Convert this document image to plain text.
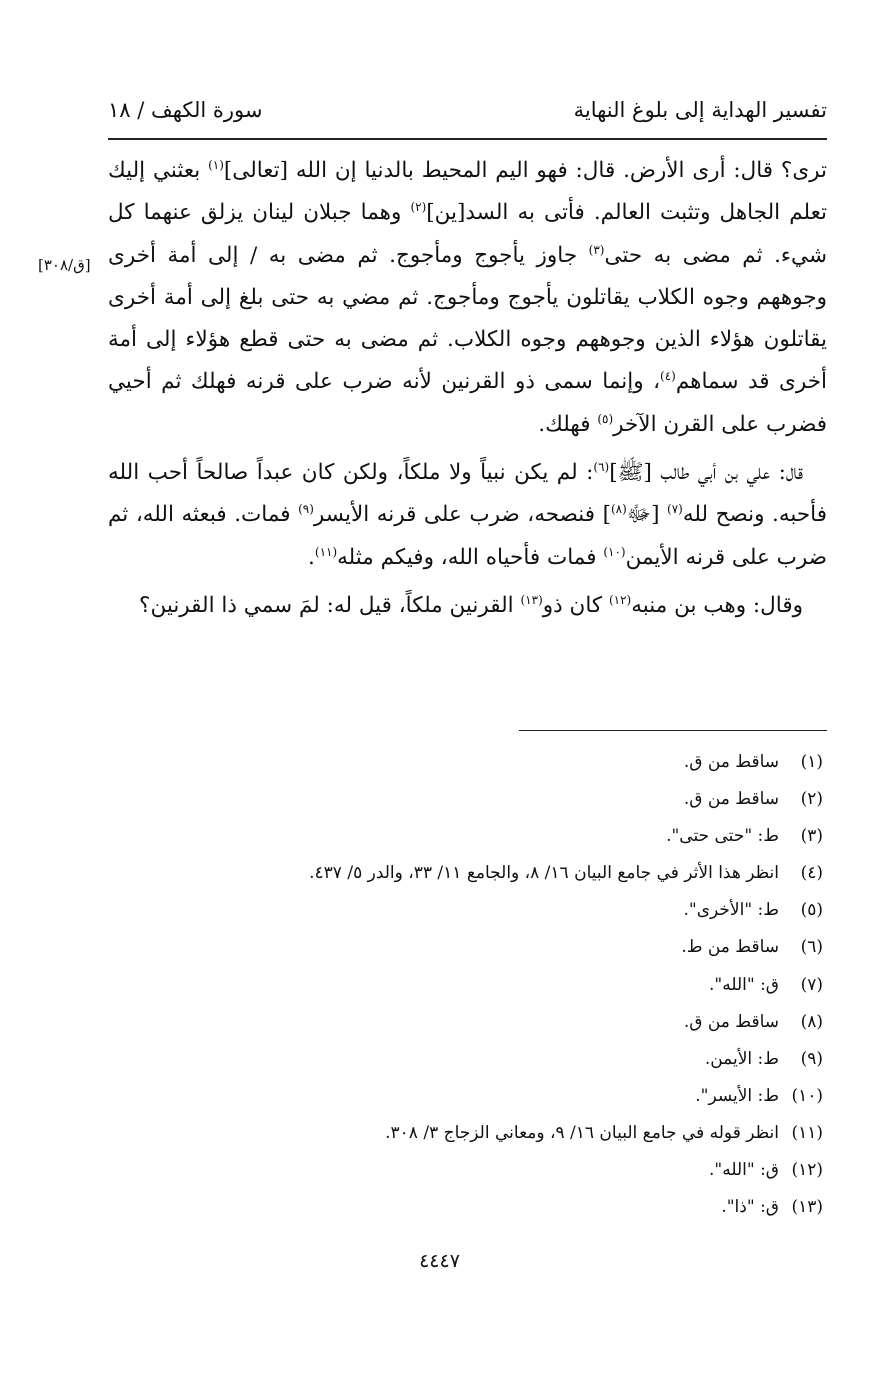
تفسير الهداية إلى بلوغ النهاية
سورة الكهف / ١٨
[ق/٣٠٨]

ترى؟ قال: أرى الأرض. قال: فهو اليم المحيط بالدنيا إن الله [تعالى]$^{(١)}$ بعثني إليك تعلم الجاهل وتثبت العالم. فأتى به السد[ين]$^{(٢)}$ وهما جبلان لينان يزلق عنهما كل شيء. ثم مضى به حتى$^{(٣)}$ جاوز يأجوج ومأجوج. ثم مضى به / إلى أمة أخرى وجوههم وجوه الكلاب يقاتلون يأجوج ومأجوج. ثم مضي به حتى بلغ إلى أمة أخرى يقاتلون هؤلاء الذين وجوههم وجوه الكلاب. ثم مضى به حتى قطع هؤلاء إلى أمة أخرى قد سماهم$^{(٤)}$، وإنما سمى ذو القرنين لأنه ضرب على قرنه فهلك ثم أحيي فضرب على القرن الآخر$^{(٥)}$ فهلك.

قال: علي بن أبي طالب [ﷺ]$^{(٦)}$: لم يكن نبياً ولا ملكاً، ولكن كان عبداً صالحاً أحب الله فأحبه. ونصح لله$^{(٧)}$ [ﷻ$^{(٨)}$] فنصحه، ضرب على قرنه الأيسر$^{(٩)}$ فمات. فبعثه الله، ثم ضرب على قرنه الأيمن$^{(١٠)}$ فمات فأحياه الله، وفيكم مثله$^{(١١)}$.

وقال: وهب بن منبه$^{(١٢)}$ كان ذو$^{(١٣)}$ القرنين ملكاً، قيل له: لمَ سمي ذا القرنين؟

(١)
ساقط من ق.
(٢)
ساقط من ق.
(٣)
ط: "حتى حتى".
(٤)
انظر هذا الأثر في جامع البيان ١٦/ ٨، والجامع ١١/ ٣٣، والدر ٥/ ٤٣٧.
(٥)
ط: "الأخرى".
(٦)
ساقط من ط.
(٧)
ق: "الله".
(٨)
ساقط من ق.
(٩)
ط: الأيمن.
(١٠)
ط: الأيسر".
(١١)
انظر قوله في جامع البيان ١٦/ ٩، ومعاني الزجاج ٣/ ٣٠٨.
(١٢)
ق: "الله".
(١٣)
ق: "ذا".
٤٤٤٧
